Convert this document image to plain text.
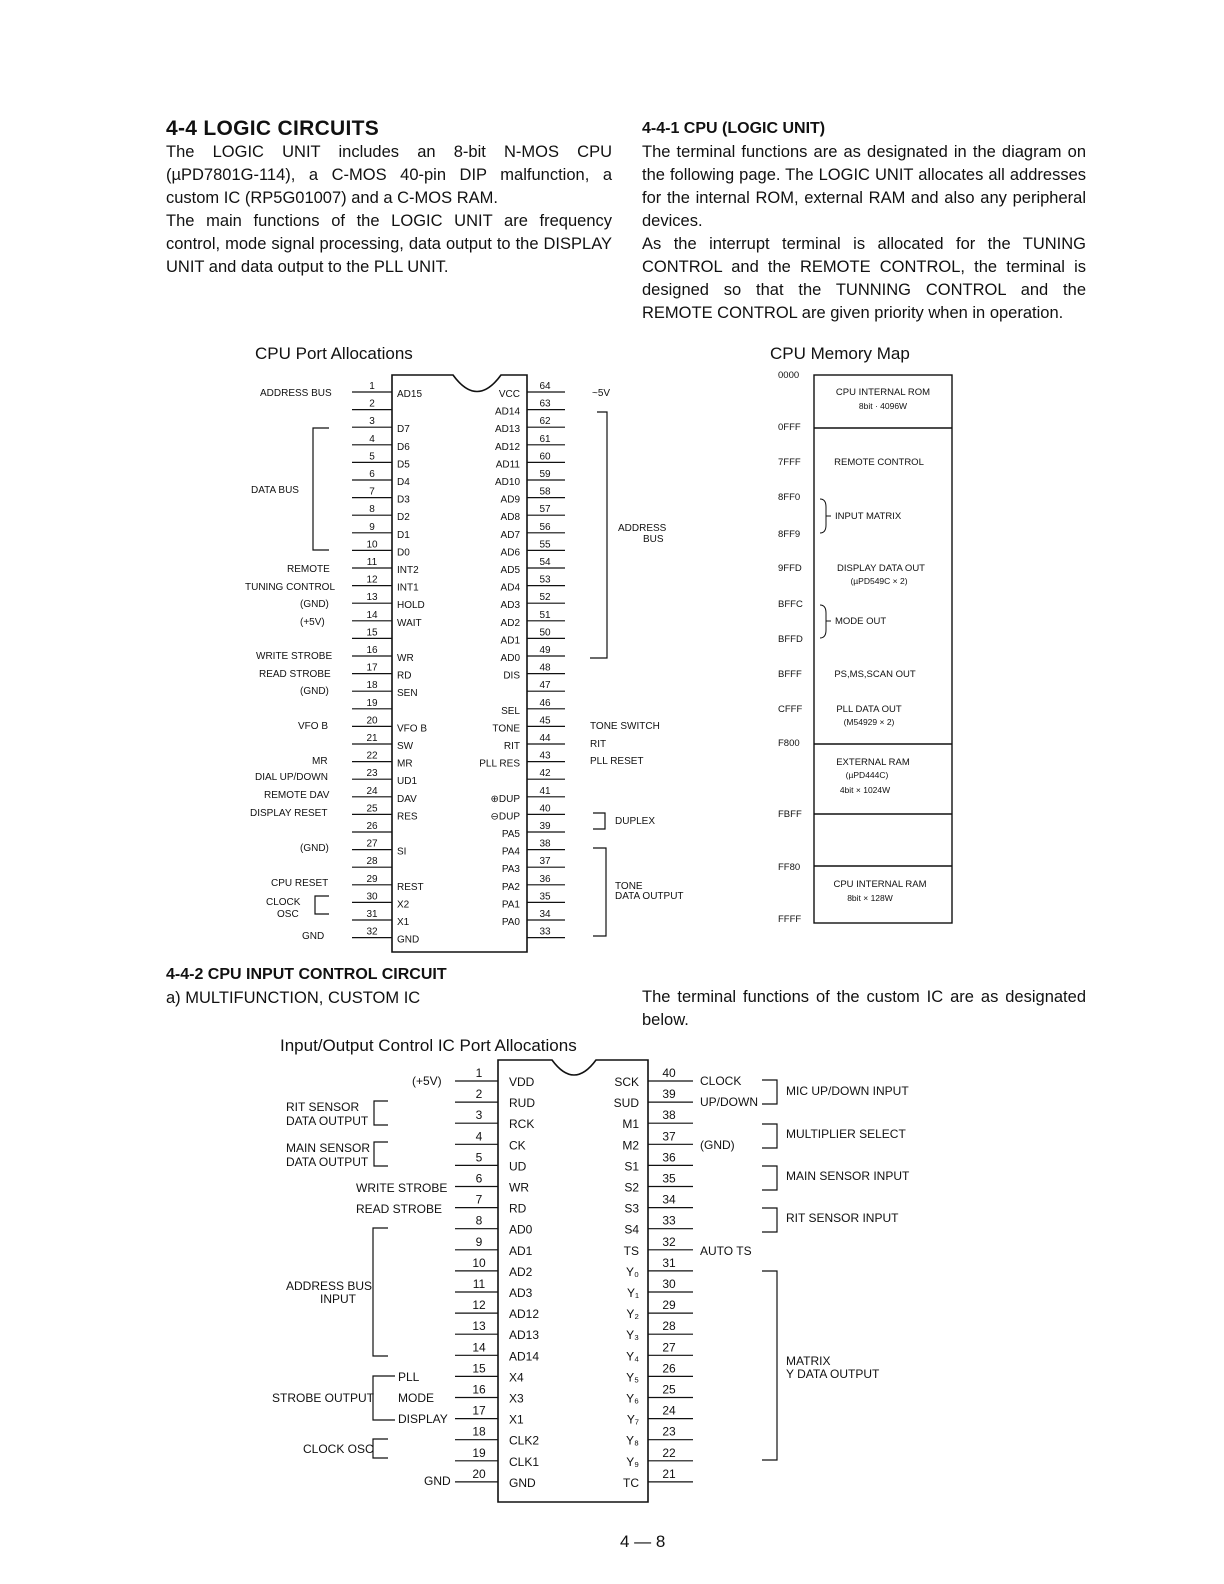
4-4 LOGIC CIRCUITS

The LOGIC UNIT includes an 8-bit N-MOS CPU (µPD7801G-114), a C-MOS 40-pin DIP malfunction, a custom IC (RP5G01007) and a C-MOS RAM.

The main functions of the LOGIC UNIT are frequency control, mode signal processing, data output to the DISPLAY UNIT and data output to the PLL UNIT.

4-4-1 CPU (LOGIC UNIT)

The terminal functions are as designated in the diagram on the following page. The LOGIC UNIT allocates all addresses for the internal ROM, external RAM and also any peripheral devices.

As the interrupt terminal is allocated for the TUNING CONTROL and the REMOTE CONTROL, the terminal is designed so that the TUNNING CONTROL and the REMOTE CONTROL are given priority when in operation.

CPU Port Allocations	CPU Memory Map
AD15
D7
D6
D5
D4
D3
D2
D1
D0
INT2
INT1
HOLD
WAIT
WR
RD
SEN
VFO B
SW
MR
UD1
DAV
RES
SI
REST
X2
X1
GND
VCC
AD14
AD13
AD12
AD11
AD10
AD9
AD8
AD7
AD6
AD5
AD4
AD3
AD2
AD1
AD0
DIS
SEL
TONE
RIT
PLL RES
⊕DUP
⊖DUP
PA5
PA4
PA3
PA2
PA1
PA0
1
2
3
4
5
6
7
8
9
10
11
12
13
14
15
16
17
18
19
20
21
22
23
24
25
26
27
28
29
30
31
32
64
63
62
61
60
59
58
57
56
55
54
53
52
51
50
49
48
47
46
45
44
43
42
41
40
39
38
37
36
35
34
33
ADDRESS BUS
DATA BUS
REMOTE
TUNING CONTROL
(GND)
(+5V)
WRITE STROBE
READ STROBE
(GND)
VFO B
MR
DIAL UP/DOWN
REMOTE DAV
DISPLAY RESET
(GND)
CPU RESET
CLOCK
OSC
GND
~5V
ADDRESS
BUS
TONE SWITCH
RIT
PLL RESET
DUPLEX
TONE
DATA OUTPUT
0000
0FFF
7FFF
8FF0
8FF9
9FFD
BFFC
BFFD
BFFF
CFFF
F800
FBFF
FF80
FFFF
CPU INTERNAL ROM
8bit · 4096W
REMOTE CONTROL
INPUT MATRIX
DISPLAY DATA OUT
(µPD549C × 2)
MODE OUT
PS,MS,SCAN OUT
PLL DATA OUT
(M54929 × 2)
EXTERNAL RAM
(µPD444C)
4bit × 1024W
CPU INTERNAL RAM
8bit × 128W
4-4-2 CPU INPUT CONTROL CIRCUIT
a) MULTIFUNCTION, CUSTOM IC	The terminal functions of the custom IC are as designated below.
Input/Output Control IC Port Allocations
VDD
RUD
RCK
CK
UD
WR
RD
AD0
AD1
AD2
AD3
AD12
AD13
AD14
X4
X3
X1
CLK2
CLK1
GND
SCK
SUD
M1
M2
S1
S2
S3
S4
TS
Y₀
Y₁
Y₂
Y₃
Y₄
Y₅
Y₆
Y₇
Y₈
Y₉
TC
1
2
3
4
5
6
7
8
9
10
11
12
13
14
15
16
17
18
19
20
40
39
38
37
36
35
34
33
32
31
30
29
28
27
26
25
24
23
22
21
(+5V)
RIT SENSOR
DATA OUTPUT
MAIN SENSOR
DATA OUTPUT
WRITE STROBE
READ STROBE
ADDRESS BUS
INPUT
PLL
STROBE OUTPUT MODE
DISPLAY
CLOCK OSC
GND
CLOCK
UP/DOWN
MIC UP/DOWN INPUT
MULTIPLIER SELECT
(GND)
MAIN SENSOR INPUT
RIT SENSOR INPUT
AUTO TS
MATRIX
Y DATA OUTPUT
4 — 8
